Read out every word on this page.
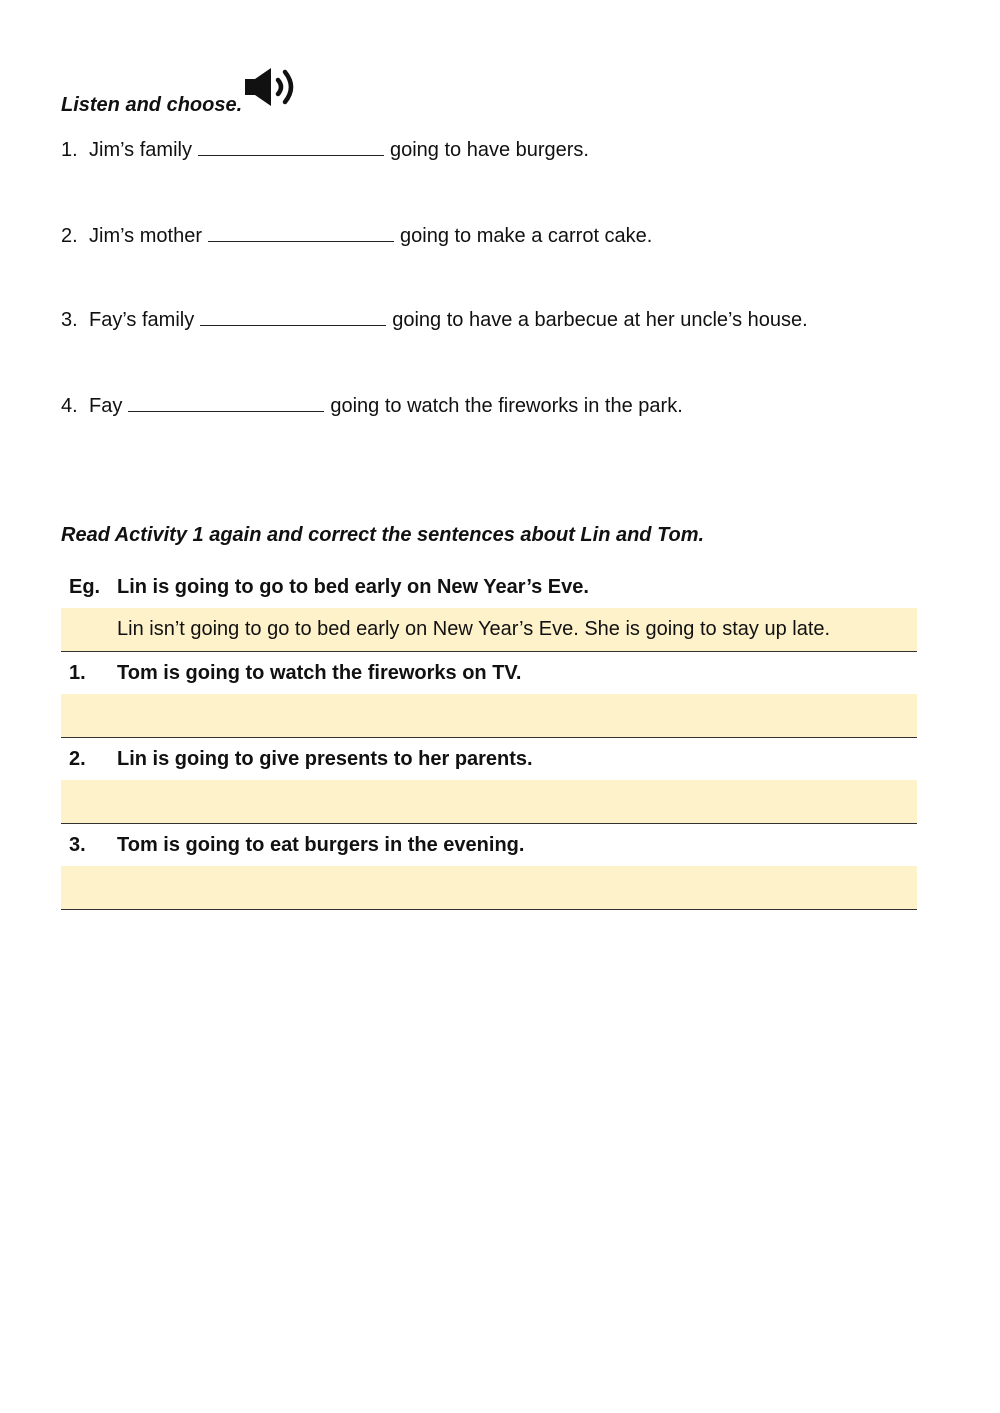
Listen and choose.
1. Jim’s family	going to have burgers.
2. Jim’s mother	going to make a carrot cake.
3. Fay’s family	going to have a barbecue at her uncle’s house.
4. Fay	going to watch the fireworks in the park.
Read Activity 1 again and correct the sentences about Lin and Tom.
Eg. Lin is going to go to bed early on New Year’s Eve.
Lin isn’t going to go to bed early on New Year’s Eve. She is going to stay up late.
1. Tom is going to watch the fireworks on TV.
2. Lin is going to give presents to her parents.
3. Tom is going to eat burgers in the evening.
